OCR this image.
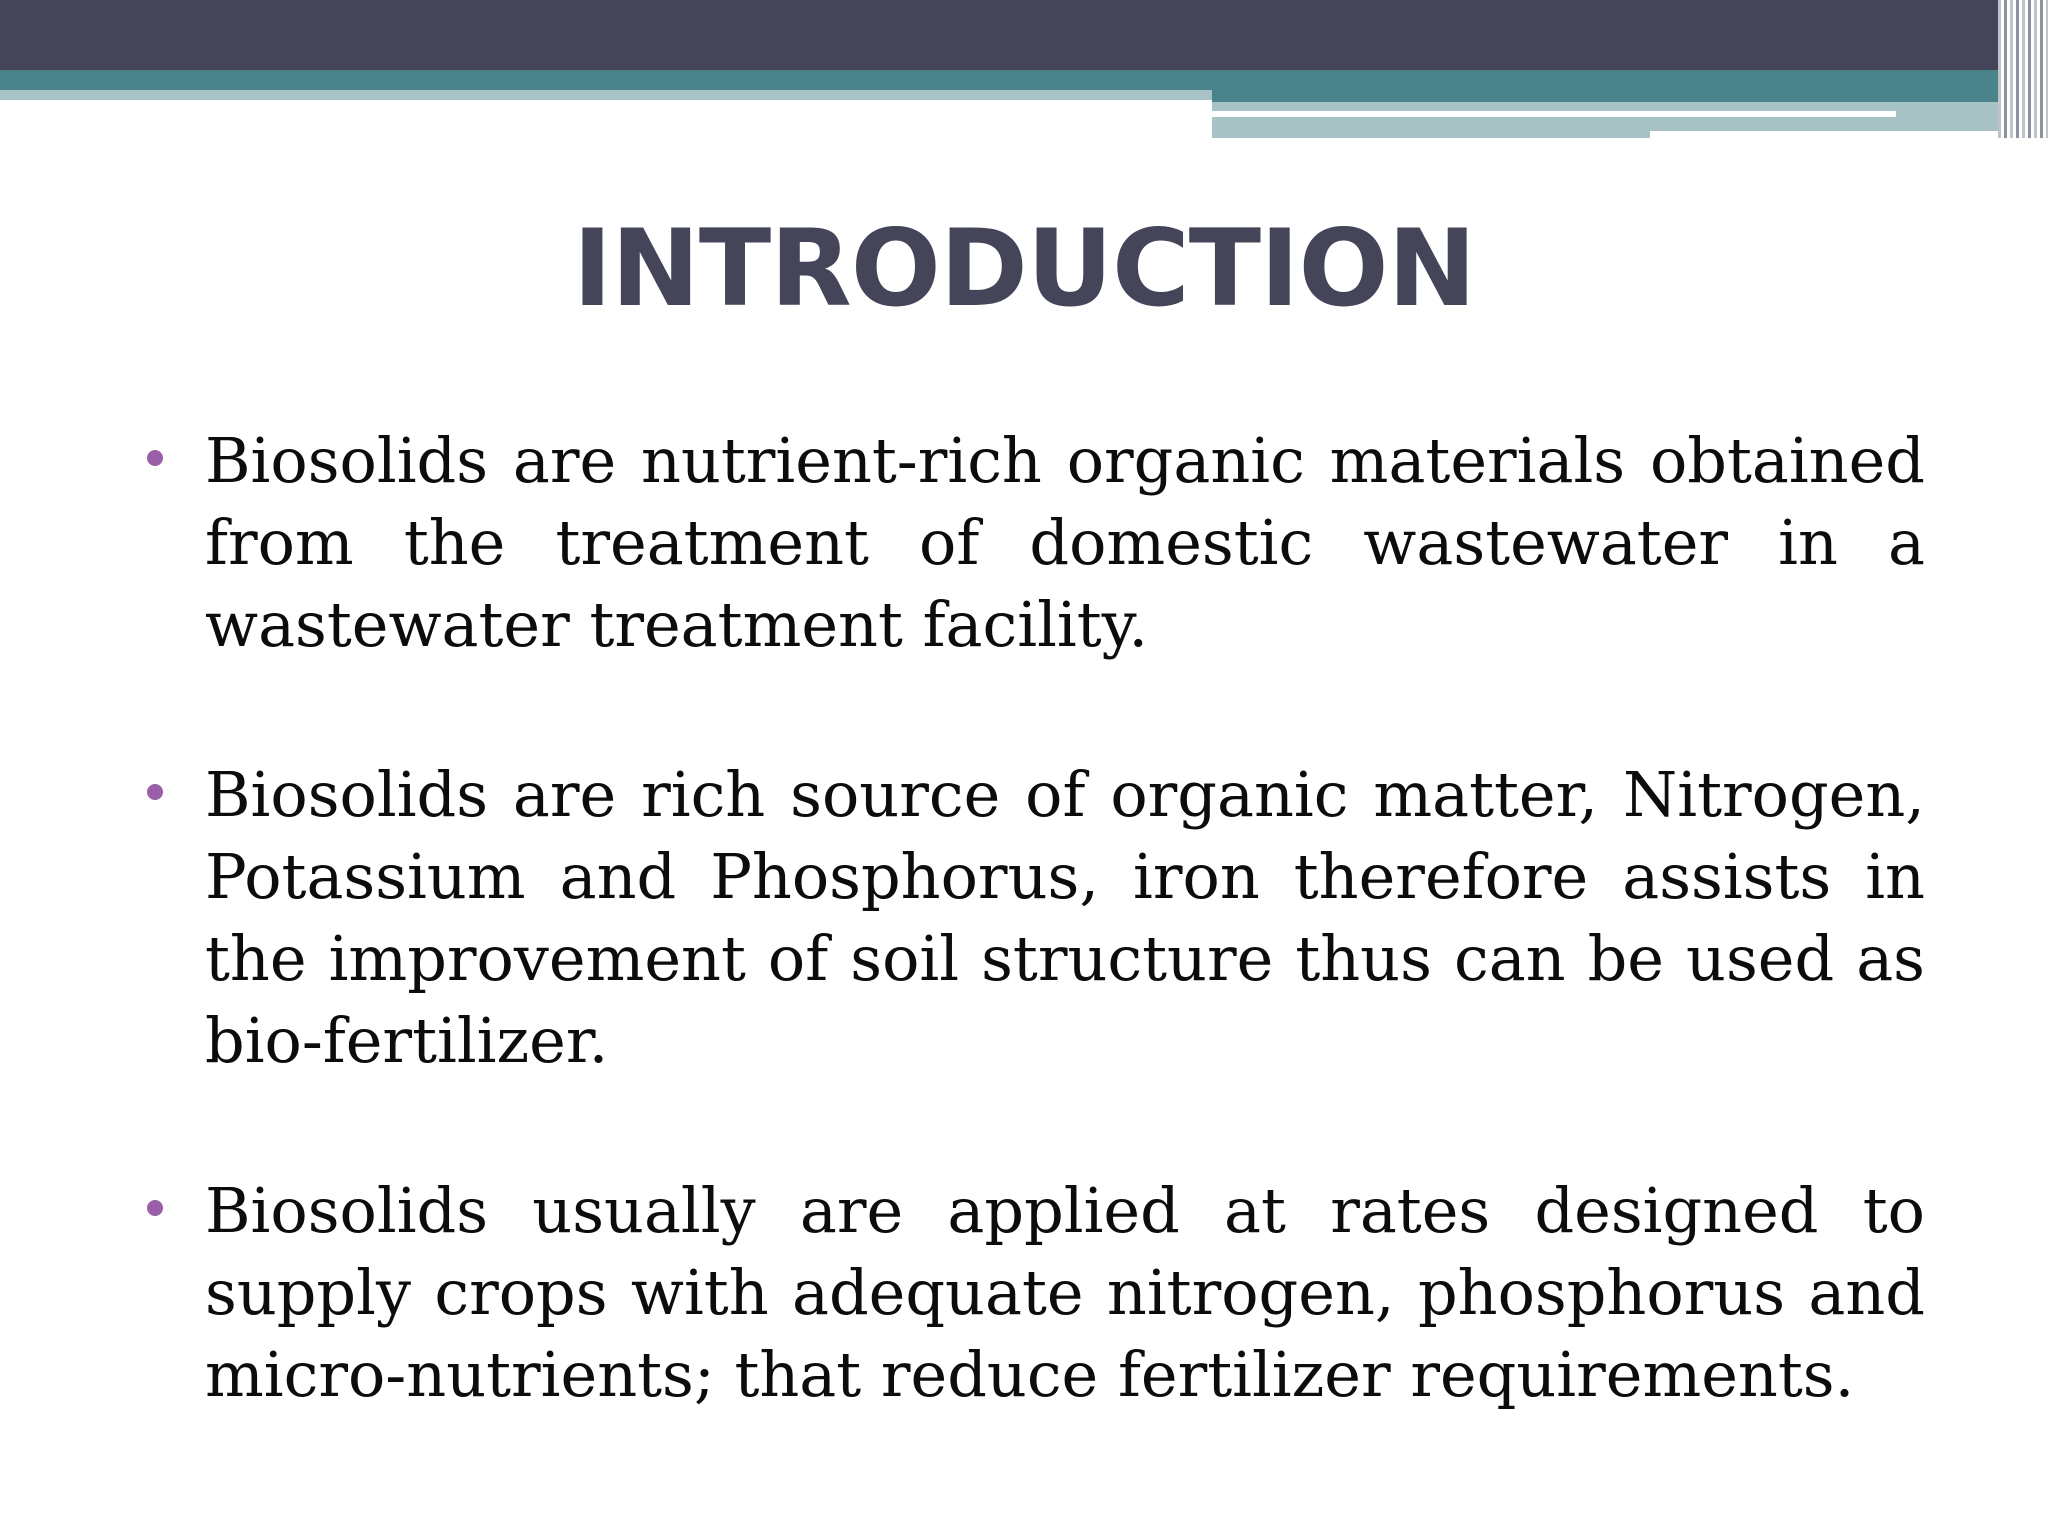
INTRODUCTION
Biosolids are nutrient-rich organic materials obtained from the treatment of domestic wastewater in a wastewater treatment facility.
Biosolids are rich source of organic matter, Nitrogen, Potassium and Phosphorus, iron therefore assists in the improvement of soil structure thus can be used as bio-fertilizer.
Biosolids usually are applied at rates designed to supply crops with adequate nitrogen, phosphorus and micro-nutrients; that reduce fertilizer requirements.
